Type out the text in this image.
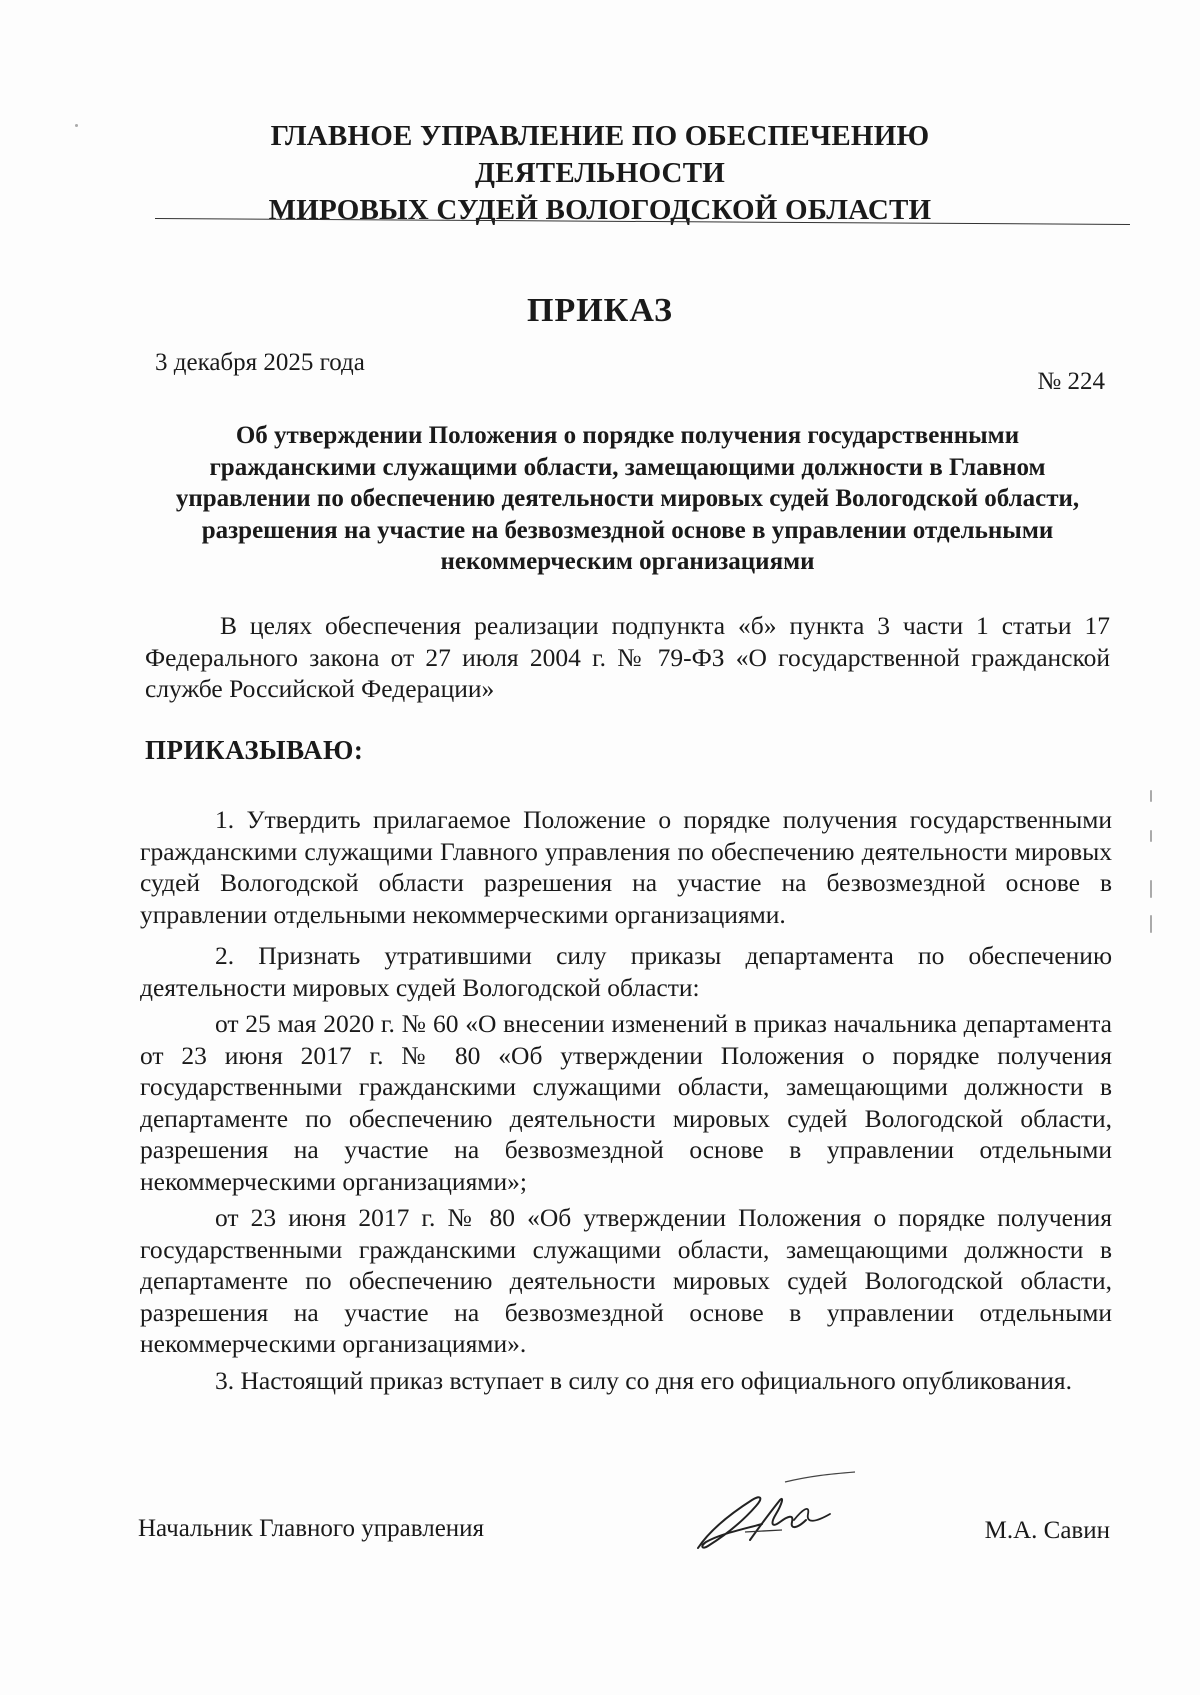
ГЛАВНОЕ УПРАВЛЕНИЕ ПО ОБЕСПЕЧЕНИЮ ДЕЯТЕЛЬНОСТИ
МИРОВЫХ СУДЕЙ ВОЛОГОДСКОЙ ОБЛАСТИ
ПРИКАЗ
3 декабря 2025 года
№ 224
Об утверждении Положения о порядке получения государственными гражданскими служащими области, замещающими должности в Главном управлении по обеспечению деятельности мировых судей Вологодской области, разрешения на участие на безвозмездной основе в управлении отдельными некоммерческим организациями
В целях обеспечения реализации подпункта «б» пункта 3 части 1 статьи 17 Федерального закона от 27 июля 2004 г. № 79-ФЗ «О государственной гражданской службе Российской Федерации»
ПРИКАЗЫВАЮ:

1. Утвердить прилагаемое Положение о порядке получения государственными гражданскими служащими Главного управления по обеспечению деятельности мировых судей Вологодской области разрешения на участие на безвозмездной основе в управлении отдельными некоммерческими организациями.

2. Признать утратившими силу приказы департамента по обеспечению деятельности мировых судей Вологодской области:

от 25 мая 2020 г. № 60 «О внесении изменений в приказ начальника департамента от 23 июня 2017 г. № 80 «Об утверждении Положения о порядке получения государственными гражданскими служащими области, замещающими должности в департаменте по обеспечению деятельности мировых судей Вологодской области, разрешения на участие на безвозмездной основе в управлении отдельными некоммерческими организациями»;

от 23 июня 2017 г. № 80 «Об утверждении Положения о порядке получения государственными гражданскими служащими области, замещающими должности в департаменте по обеспечению деятельности мировых судей Вологодской области, разрешения на участие на безвозмездной основе в управлении отдельными некоммерческими организациями».

3. Настоящий приказ вступает в силу со дня его официального опубликования.

Начальник Главного управления	М.А. Савин
